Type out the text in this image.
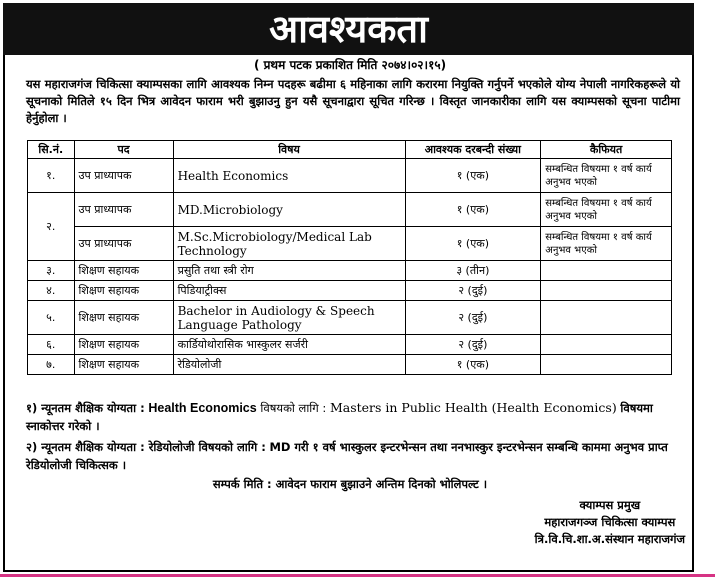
आवश्यकता
( प्रथम पटक प्रकाशित मिति २०७४।०२।१५)
यस महाराजगंज चिकित्सा क्याम्पसका लागि आवश्यक निम्न पदहरू बढीमा ६ महिनाका लागि करारमा नियुक्ति गर्नुपर्ने भएकोले योग्य नेपाली नागरिकहरूले यो सूचनाको मितिले १५ दिन भित्र आवेदन फाराम भरी बुझाउनु हुन यसै सूचनाद्वारा सूचित गरिन्छ । विस्तृत जानकारीका लागि यस क्याम्पसको सूचना पाटीमा हेर्नुहोला ।
सि.नं.	पद	विषय	आवश्यक दरबन्दी संख्या	कैफियत
१.	उप प्राध्यापक	Health Economics	१ (एक)	सम्बन्धित विषयमा १ वर्ष कार्य अनुभव भएको
२.	उप प्राध्यापक	MD.Microbiology	१ (एक)	सम्बन्धित विषयमा १ वर्ष कार्य अनुभव भएको
	उप प्राध्यापक	M.Sc.Microbiology/Medical Lab Technology	१ (एक)	सम्बन्धित विषयमा १ वर्ष कार्य अनुभव भएको
३.	शिक्षण सहायक	प्रसुति तथा स्त्री रोग	३ (तीन)	
४.	शिक्षण सहायक	पिडियाट्रीक्स	२ (दुई)	
५.	शिक्षण सहायक	Bachelor in Audiology & Speech Language Pathology	२ (दुई)	
६.	शिक्षण सहायक	कार्डियोथोरासिक भास्कुलर सर्जरी	२ (दुई)	
७.	शिक्षण सहायक	रेडियोलोजी	१ (एक)	
१) न्यूनतम शैक्षिक योग्यता : Health Economics विषयको लागि : Masters in Public Health (Health Economics) विषयमा स्नाकोत्तर गरेको ।
२) न्यूनतम शैक्षिक योग्यता : रेडियोलोजी विषयको लागि : MD गरी १ वर्ष भास्कुलर इन्टरभेन्सन तथा ननभास्कुर इन्टरभेन्सन सम्बन्धि काममा अनुभव प्राप्त रेडियोलोजी चिकित्सक ।
सम्पर्क मिति : आवेदन फाराम बुझाउने अन्तिम दिनको भोलिपल्ट ।
क्याम्पस प्रमुख
महाराजगञ्ज चिकित्सा क्याम्पस
त्रि.वि.चि.शा.अ.संस्थान महाराजगंज
